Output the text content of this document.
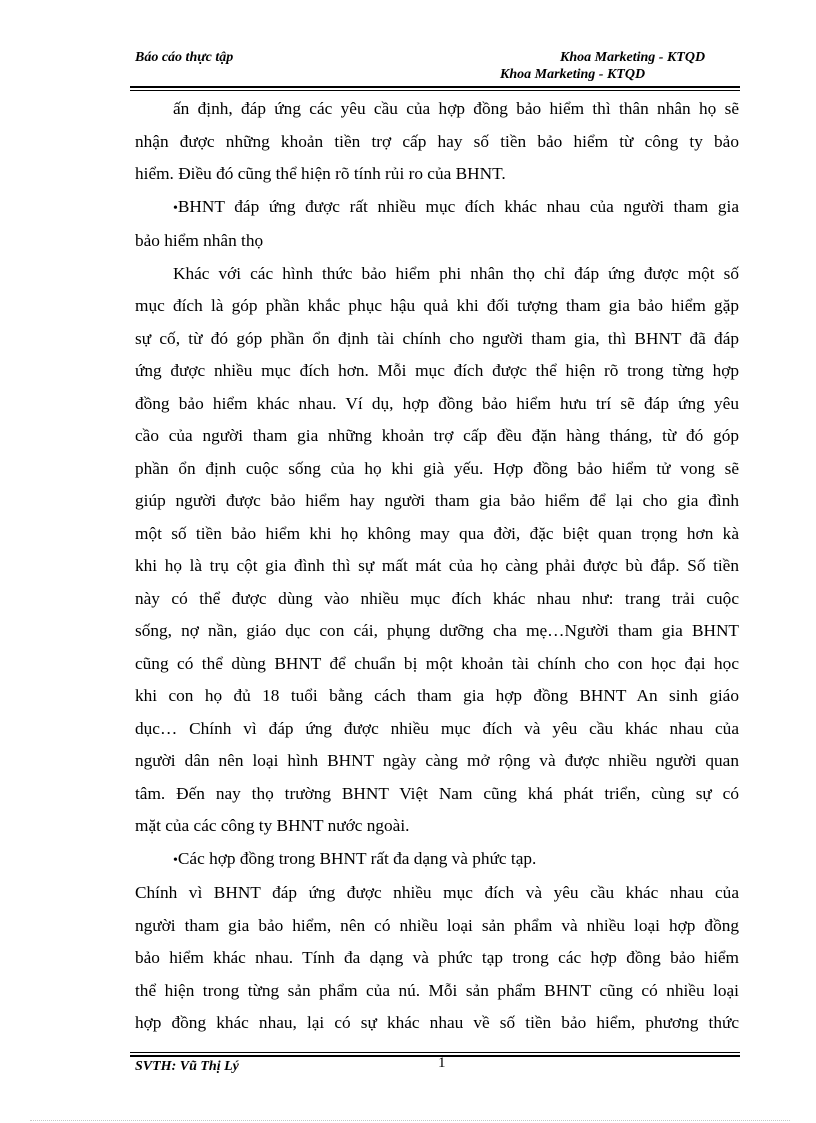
Báo cáo thực tập	Khoa Marketing - KTQD
Khoa Marketing - KTQD
ấn định, đáp ứng các yêu cầu của hợp đồng bảo hiểm thì thân nhân họ sẽ
nhận được những khoản tiền trợ cấp hay số tiền bảo hiểm từ công ty bảo
hiểm. Điều đó cũng thể hiện rõ tính rủi ro của BHNT.
•BHNT đáp ứng được rất nhiều mục đích khác nhau của người tham gia
bảo hiểm nhân thọ
Khác với các hình thức bảo hiểm phi nhân thọ chỉ đáp ứng được một số
mục đích là góp phần khắc phục hậu quả khi đối tượng tham gia bảo hiểm gặp
sự cố, từ đó góp phần ổn định tài chính cho người tham gia, thì BHNT đã đáp
ứng được nhiều mục đích hơn. Mỗi mục đích được thể hiện rõ trong từng hợp
đồng bảo hiểm khác nhau. Ví dụ, hợp đồng bảo hiểm hưu trí sẽ đáp ứng yêu
cầo của người tham gia những khoản trợ cấp đều đặn hàng tháng, từ đó góp
phần ổn định cuộc sống của họ khi già yếu. Hợp đồng bảo hiểm tử vong sẽ
giúp người được bảo hiểm hay người tham gia bảo hiểm để lại cho gia đình
một số tiền bảo hiểm khi họ không may qua đời, đặc biệt quan trọng hơn kà
khi họ là trụ cột gia đình thì sự mất mát của họ càng phải được bù đắp. Số tiền
này có thể được dùng vào nhiều mục đích khác nhau như: trang trải cuộc
sống, nợ nần, giáo dục con cái, phụng dưỡng cha mẹ…Người tham gia BHNT
cũng có thể dùng BHNT để chuẩn bị một khoản tài chính cho con học đại học
khi con họ đủ 18 tuổi bằng cách tham gia hợp đồng BHNT An sinh giáo
dục… Chính vì đáp ứng được nhiều mục đích và yêu cầu khác nhau của
người dân nên loại hình BHNT ngày càng mở rộng và được nhiều người quan
tâm. Đến nay thọ trường BHNT Việt Nam cũng khá phát triển, cùng sự có
mặt của các công ty BHNT nước ngoài.
•Các hợp đồng trong BHNT rất đa dạng và phức tạp.
Chính vì BHNT đáp ứng được nhiều mục đích và yêu cầu khác nhau của
người tham gia bảo hiểm, nên có nhiều loại sản phẩm và nhiều loại hợp đồng
bảo hiểm khác nhau. Tính đa dạng và phức tạp trong các hợp đồng bảo hiểm
thể hiện trong từng sản phẩm của nú. Mỗi sản phẩm BHNT cũng có nhiều loại
hợp đồng khác nhau, lại có sự khác nhau về số tiền bảo hiểm, phương thức
SVTH: Vũ Thị Lý	1
